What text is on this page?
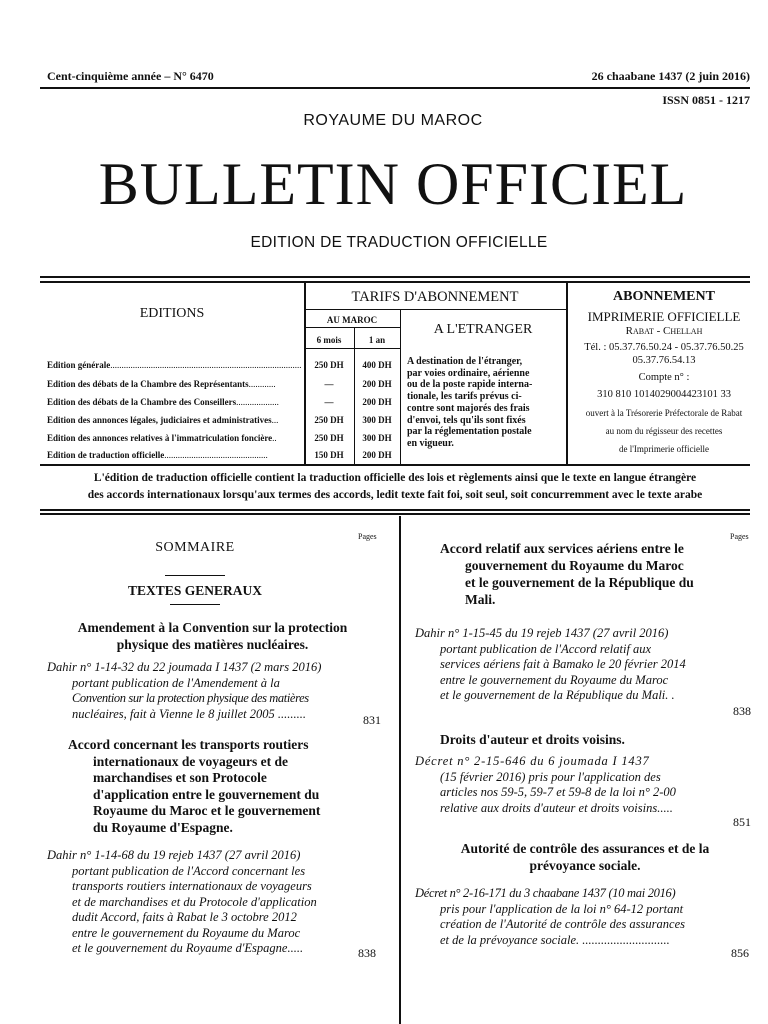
Cent-cinquième année – N° 6470	26 chaabane 1437 (2 juin 2016)
ISSN 0851 - 1217
ROYAUME DU MAROC
BULLETIN OFFICIEL
EDITION DE TRADUCTION OFFICIELLE
EDITIONS
TARIFS D'ABONNEMENT
AU MAROC
6 mois	1 an
A L'ETRANGER
Edition générale.....................................................................................	250 DH	400 DH
Edition des débats de la Chambre des Représentants............	—	200 DH
Edition des débats de la Chambre des Conseillers...................	—	200 DH
Edition des annonces légales, judiciaires et administratives...	250 DH	300 DH
Edition des annonces relatives à l'immatriculation foncière..	250 DH	300 DH
Edition de traduction officielle..............................................	150 DH	200 DH
A destination de l'étranger,
par voies ordinaire, aérienne
ou de la poste rapide interna-
tionale, les tarifs prévus ci-
contre sont majorés des frais
d'envoi, tels qu'ils sont fixés
par la réglementation postale
en vigueur.
ABONNEMENT
IMPRIMERIE OFFICIELLE
Rabat - Chellah
Tél. : 05.37.76.50.24 - 05.37.76.50.25
05.37.76.54.13
Compte n° :
310 810 1014029004423101 33
ouvert à la Trésorerie Préfectorale de Rabat
au nom du régisseur des recettes
de l'Imprimerie officielle
L'édition de traduction officielle contient la traduction officielle des lois et règlements ainsi que le texte en langue étrangère
des accords internationaux lorsqu'aux termes des accords, ledit texte fait foi, soit seul, soit concurremment avec le texte arabe
SOMMAIRE
Pages
TEXTES GENERAUX
Amendement à la Convention sur la protection
physique des matières nucléaires.
Dahir n° 1-14-32 du 22 joumada I 1437 (2 mars 2016)
portant publication de l'Amendement à la
Convention sur la protection physique des matières
nucléaires, fait à Vienne le 8 juillet 2005 .........	831
Accord concernant les transports routiers
internationaux de voyageurs et de
marchandises et son Protocole
d'application entre le gouvernement du
Royaume du Maroc et le gouvernement
du Royaume d'Espagne.
Dahir n° 1-14-68 du 19 rejeb 1437 (27 avril 2016)
portant publication de l'Accord concernant les
transports routiers internationaux de voyageurs
et de marchandises et du Protocole d'application
dudit Accord, faits à Rabat le 3 octobre 2012
entre le gouvernement du Royaume du Maroc
et le gouvernement du Royaume d'Espagne.....	838
Pages
Accord relatif aux services aériens entre le
gouvernement du Royaume du Maroc
et le gouvernement de la République du
Mali.
Dahir n° 1-15-45 du 19 rejeb 1437 (27 avril 2016)
portant publication de l'Accord relatif aux
services aériens fait à Bamako le 20 février 2014
entre le gouvernement du Royaume du Maroc
et le gouvernement de la République du Mali. .
838
Droits d'auteur et droits voisins.
Décret n° 2-15-646 du 6 joumada I 1437
(15 février 2016) pris pour l'application des
articles nos 59-5, 59-7 et 59-8 de la loi n° 2-00
relative aux droits d'auteur et droits voisins.....
851
Autorité de contrôle des assurances et de la
prévoyance sociale.
Décret n° 2-16-171 du 3 chaabane 1437 (10 mai 2016)
pris pour l'application de la loi n° 64-12 portant
création de l'Autorité de contrôle des assurances
et de la prévoyance sociale. ............................
856
